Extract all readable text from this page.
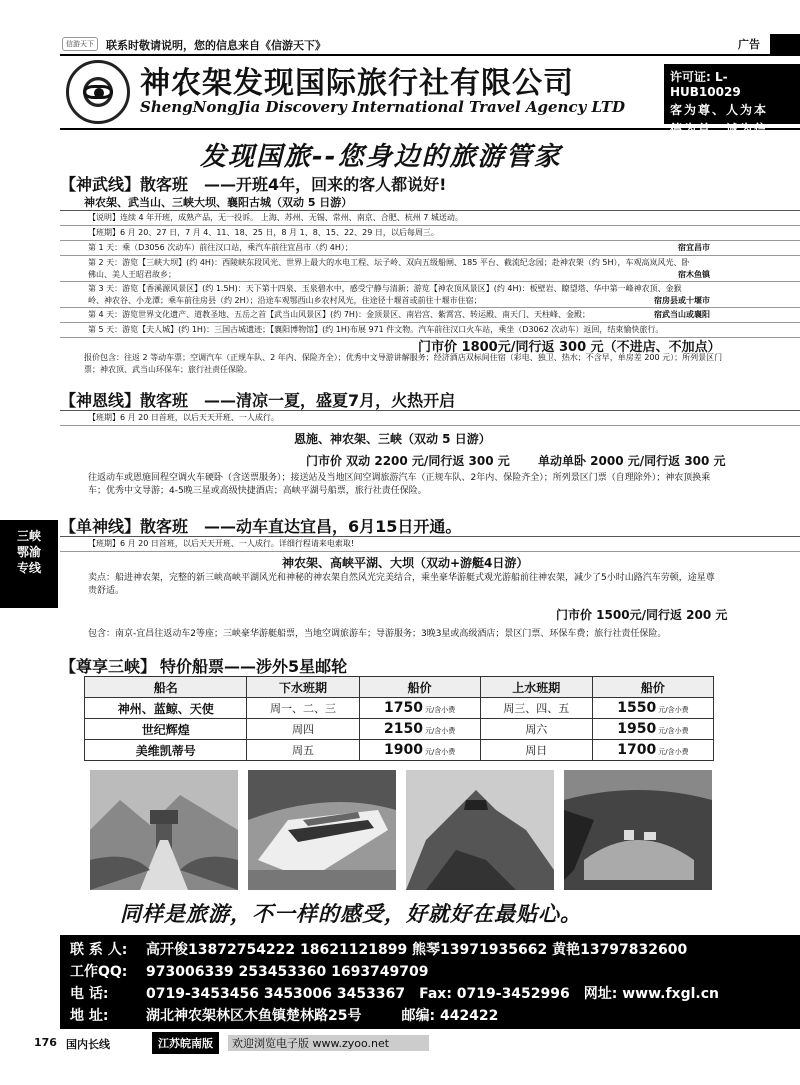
信游天下	联系时敬请说明，您的信息来自《信游天下》	广告
三峡
鄂渝
专线
神农架发现国际旅行社有限公司
ShengNongJia Discovery International Travel Agency LTD
许可证: L-HUB10029
客为尊、人为本
德为首、诚为信
发现国旅--您身边的旅游管家
【神武线】散客班 ——开班4年，回来的客人都说好!
神农架、武当山、三峡大坝、襄阳古城（双动 5 日游）
【说明】连续 4 年开班，成熟产品，无一投诉。 上海、苏州、无锡、常州、南京、合肥、杭州 7 城送动。
【班期】6 月 20、27 日，7 月 4、11、18、25 日，8 月 1、8、15、22、29 日，以后每周三。
第 1 天：乘（D3056 次动车）前往汉口站，乘汽车前往宜昌市（约 4H）；	宿宜昌市
第 2 天：游览【三峡大坝】(约 4H)：西陵峡东段风光、世界上最大的水电工程、坛子岭、双向五级船闸、185 平台、截流纪念园；赴神农架（约 5H），车观高岚风光、卧佛山、美人王昭君故乡；	宿木鱼镇
第 3 天：游览【香溪源风景区】(约 1.5H)：天下第十四泉、玉泉碧水中，感受宁静与清新；游览【神农顶风景区】(约 4H)：板壁岩、瞭望塔、华中第一峰神农顶、金猴岭、神农谷、小龙潭；乘车前往房县（约 2H）；沿途车观鄂西山乡农村风光，住途径十堰首或前往十堰市住宿；	宿房县或十堰市
第 4 天：游览世界文化遗产、道教圣地、五岳之首【武当山风景区】(约 7H)：金顶景区、南岩宫、紫霄宫、转运殿、南天门、天柱峰、金殿；	宿武当山或襄阳
第 5 天：游览【夫人城】(约 1H)：三国古城遗迹；【襄阳博物馆】(约 1H)布展 971 件文物。汽车前往汉口火车站，乘坐（D3062 次动车）返回，结束愉快旅行。
门市价 1800元/同行返 300 元（不进店、不加点）
报价包含：往返 2 等动车票；空调汽车（正规车队、2 年内、保险齐全）；优秀中文导游讲解服务；经济酒店双标间住宿（彩电、独卫、热水；不含早，单房差 200 元）；所列景区门票；神农顶、武当山环保车；旅行社责任保险。
【神恩线】散客班 ——清凉一夏，盛夏7月，火热开启
【班期】6 月 20 日首班，以后天天开班、一人成行。
恩施、神农架、三峡（双动 5 日游）
门市价 双动 2200 元/同行返 300 元 单动单卧 2000 元/同行返 300 元
往返动车或恩施回程空调火车硬卧（含送票服务）；接送站及当地区间空调旅游汽车（正规车队、2年内、保险齐全）；所列景区门票（自理除外）；神农顶换乘车；优秀中文导游；4-5晚三星或高级快捷酒店；高峡平湖号船票，旅行社责任保险。
【单神线】散客班 ——动车直达宜昌，6月15日开通。
【班期】6 月 20 日首班，以后天天开班、一人成行。详细行程请来电索取!
神农架、高峡平湖、大坝（双动+游艇4日游）
卖点：船进神农架，完整的新三峡高峡平湖风光和神秘的神农架自然风光完美结合，乘坐豪华游艇式观光游船前往神农架，减少了5小时山路汽车劳顿，途星尊贵舒适。
门市价 1500元/同行返 200 元
包含：南京-宜昌往返动车2等座；三峡豪华游艇船票，当地空调旅游车；导游服务；3晚3星或高级酒店；景区门票、环保车费；旅行社责任保险。
【尊享三峡】 特价船票——涉外5星邮轮
船名	下水班期	船价	上水班期	船价
神州、蓝鲸、天使	周一、二、三	1750 元/含小费	周三、四、五	1550 元/含小费
世纪辉煌	周四	2150 元/含小费	周六	1950 元/含小费
美维凯蒂号	周五	1900 元/含小费	周日	1700 元/含小费
同样是旅游，不一样的感受，好就好在最贴心。
联 系 人: 高开俊13872754222 18621121899 熊琴13971935662 黄艳13797832600
工作QQ: 973006339 253453360 1693749709
电 话:	0719-3453456 3453006 3453367 Fax: 0719-3452996 网址: www.fxgl.cn
地 址:	湖北神农架林区木鱼镇楚林路25号	邮编: 442422
176 国内长线	江苏皖南版	欢迎浏览电子版 www.zyoo.net
